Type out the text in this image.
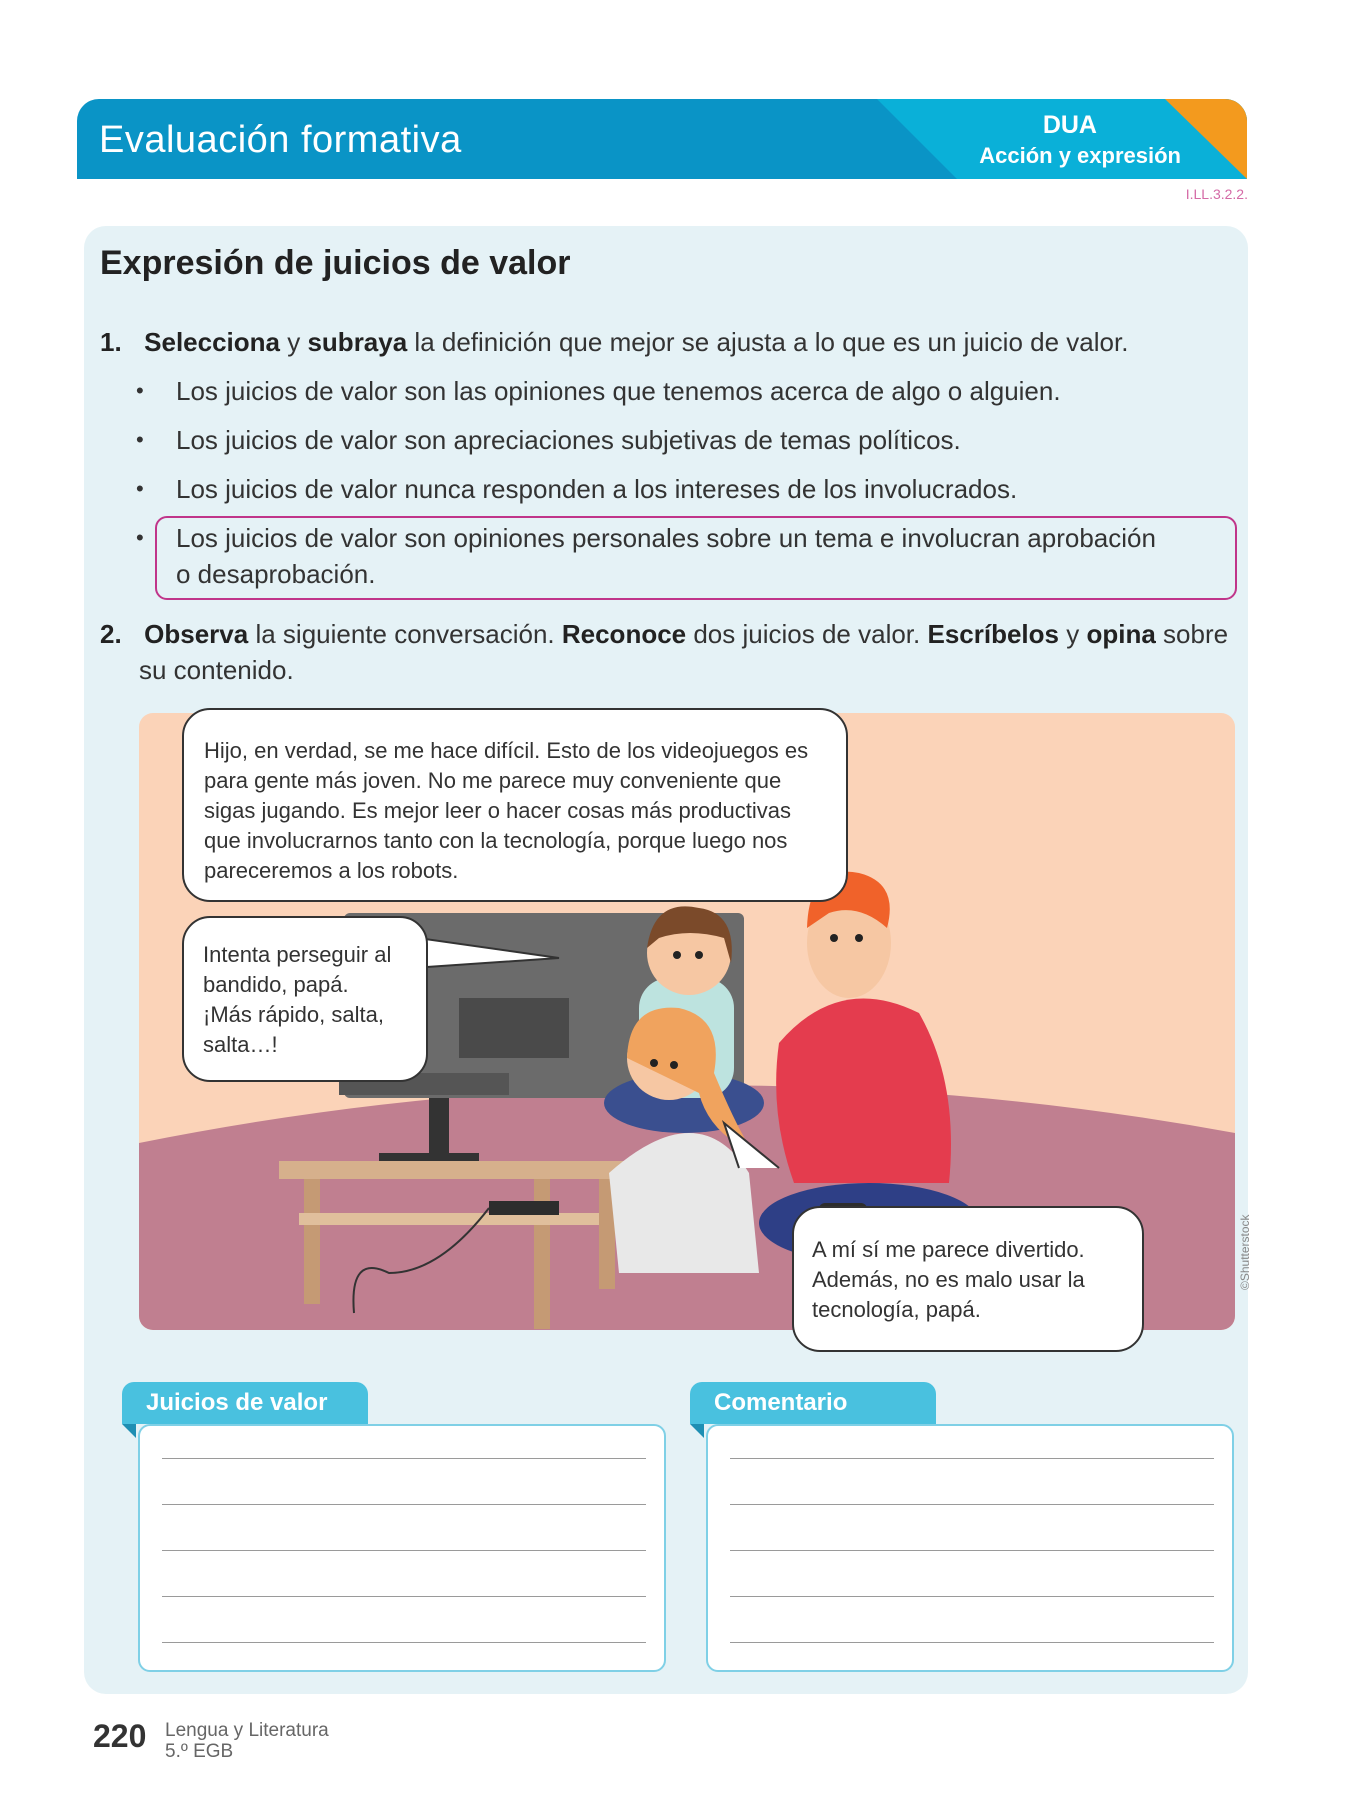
Evaluación formativa	DUA
Acción y expresión
I.LL.3.2.2.
Expresión de juicios de valor
1. Selecciona y subraya la definición que mejor se ajusta a lo que es un juicio de valor.
• Los juicios de valor son las opiniones que tenemos acerca de algo o alguien.
• Los juicios de valor son apreciaciones subjetivas de temas políticos.
• Los juicios de valor nunca responden a los intereses de los involucrados.
• Los juicios de valor son opiniones personales sobre un tema e involucran aprobación
o desaprobación.
2. Observa la siguiente conversación. Reconoce dos juicios de valor. Escríbelos y opina sobre
su contenido.
Hijo, en verdad, se me hace difícil. Esto de los videojuegos es
para gente más joven. No me parece muy conveniente que
sigas jugando. Es mejor leer o hacer cosas más productivas
que involucrarnos tanto con la tecnología, porque luego nos
pareceremos a los robots.
Intenta perseguir al
bandido, papá.
¡Más rápido, salta,
salta…!
A mí sí me parece divertido.
Además, no es malo usar la
tecnología, papá.
©Shutterstock
Juicios de valor	Comentario
220 Lengua y Literatura
5.º EGB
